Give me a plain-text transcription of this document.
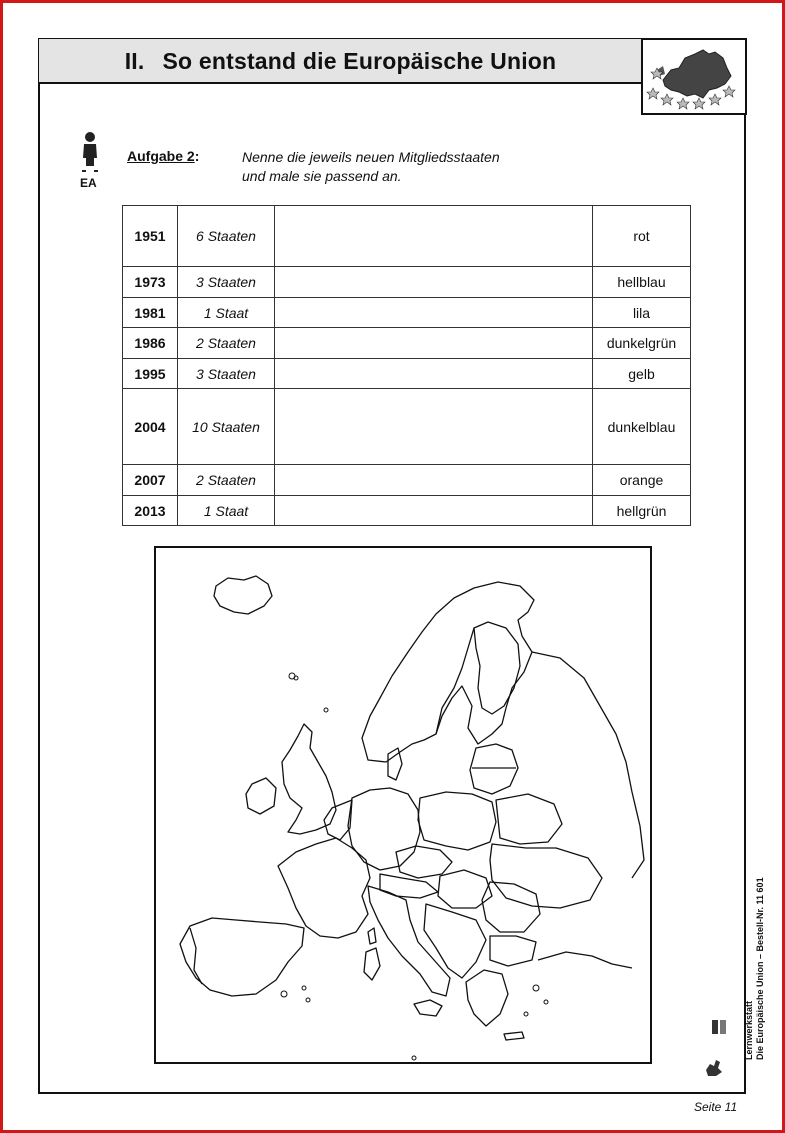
II. So entstand die Europäische Union
EA
Aufgabe 2:	Nenne die jeweils neuen Mitgliedsstaaten
und male sie passend an.
1951	6 Staaten		rot
1973	3 Staaten		hellblau
1981	1 Staat		lila
1986	2 Staaten		dunkelgrün
1995	3 Staaten		gelb
2004	10 Staaten		dunkelblau
2007	2 Staaten		orange
2013	1 Staat		hellgrün
Lernwerkstatt Die Europäische Union – Bestell-Nr. 11 601
Seite 11
